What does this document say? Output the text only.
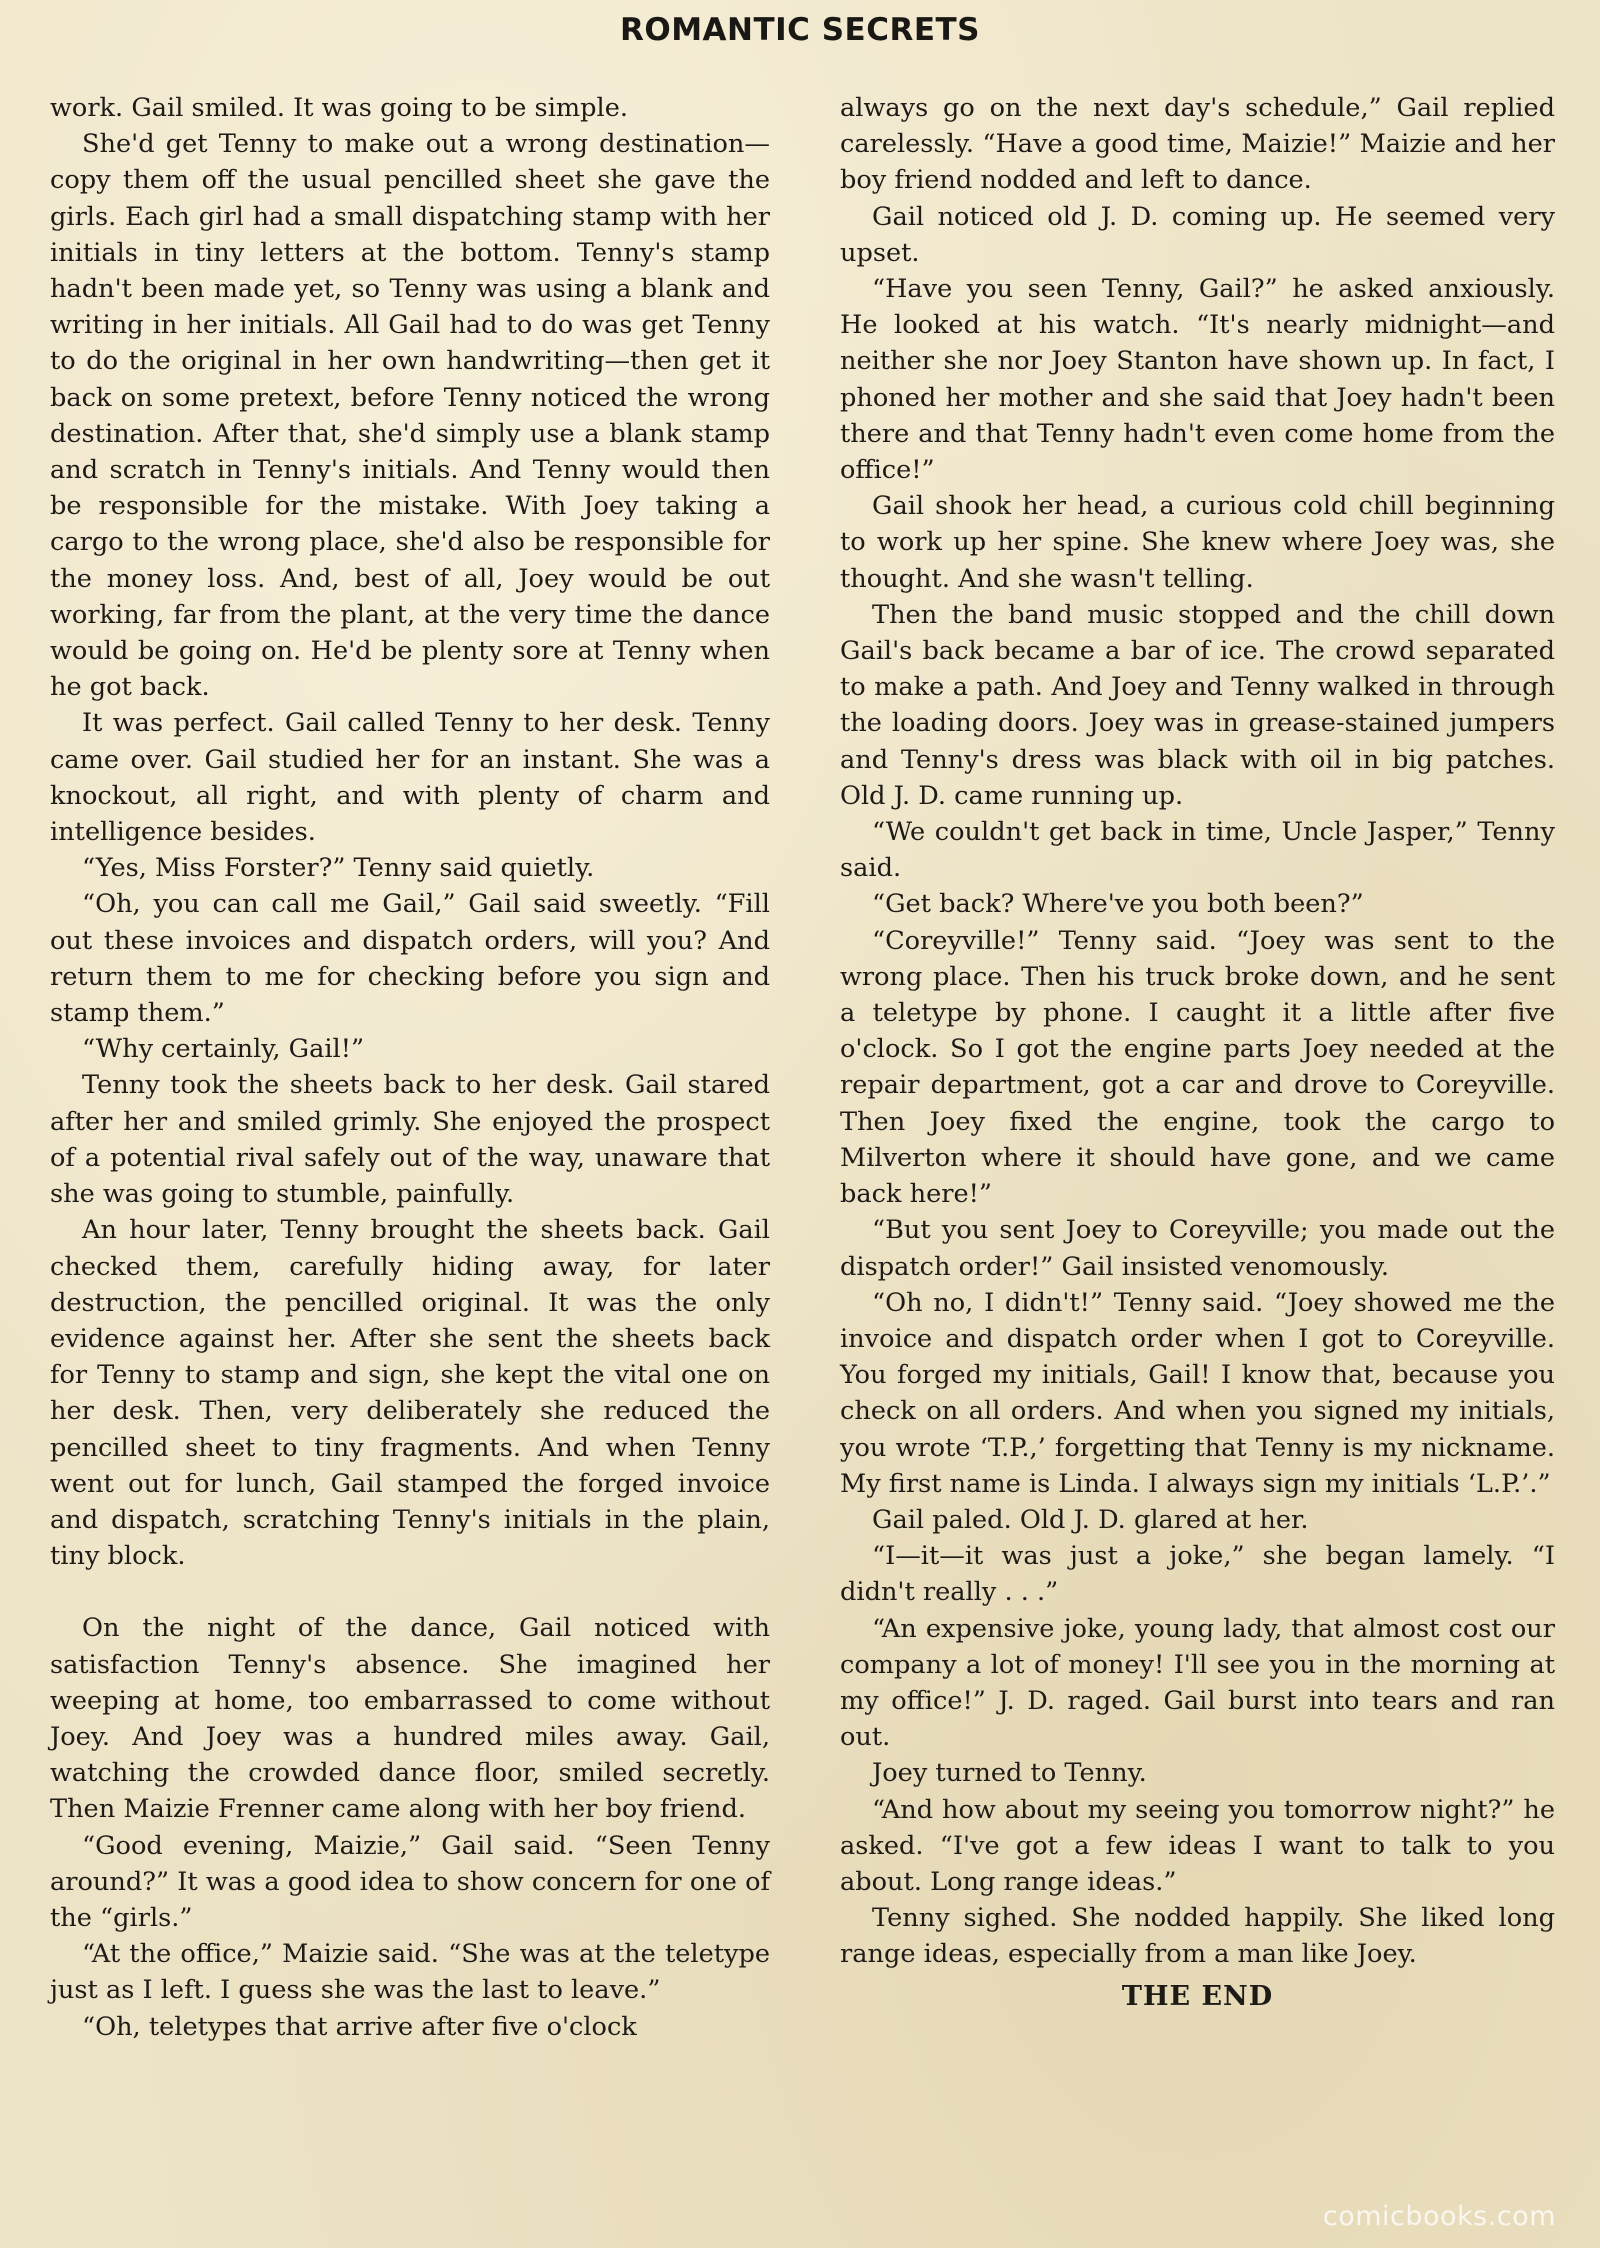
ROMANTIC SECRETS

work. Gail smiled. It was going to be simple.

She'd get Tenny to make out a wrong destination—copy them off the usual pencilled sheet she gave the girls. Each girl had a small dispatching stamp with her initials in tiny letters at the bottom. Tenny's stamp hadn't been made yet, so Tenny was using a blank and writing in her initials. All Gail had to do was get Tenny to do the original in her own handwriting—then get it back on some pretext, before Tenny noticed the wrong destination. After that, she'd simply use a blank stamp and scratch in Tenny's initials. And Tenny would then be responsible for the mistake. With Joey taking a cargo to the wrong place, she'd also be responsible for the money loss. And, best of all, Joey would be out working, far from the plant, at the very time the dance would be going on. He'd be plenty sore at Tenny when he got back.

It was perfect. Gail called Tenny to her desk. Tenny came over. Gail studied her for an instant. She was a knockout, all right, and with plenty of charm and intelligence besides.

“Yes, Miss Forster?” Tenny said quietly.

“Oh, you can call me Gail,” Gail said sweetly. “Fill out these invoices and dispatch orders, will you? And return them to me for checking before you sign and stamp them.”

“Why certainly, Gail!”

Tenny took the sheets back to her desk. Gail stared after her and smiled grimly. She enjoyed the prospect of a potential rival safely out of the way, unaware that she was going to stumble, painfully.

An hour later, Tenny brought the sheets back. Gail checked them, carefully hiding away, for later destruction, the pencilled original. It was the only evidence against her. After she sent the sheets back for Tenny to stamp and sign, she kept the vital one on her desk. Then, very deliberately she reduced the pencilled sheet to tiny fragments. And when Tenny went out for lunch, Gail stamped the forged invoice and dispatch, scratching Tenny's initials in the plain, tiny block.

On the night of the dance, Gail noticed with satisfaction Tenny's absence. She imagined her weeping at home, too embarrassed to come without Joey. And Joey was a hundred miles away. Gail, watching the crowded dance floor, smiled secretly. Then Maizie Frenner came along with her boy friend.

“Good evening, Maizie,” Gail said. “Seen Tenny around?” It was a good idea to show concern for one of the “girls.”

“At the office,” Maizie said. “She was at the teletype just as I left. I guess she was the last to leave.”

“Oh, teletypes that arrive after five o'clock

always go on the next day's schedule,” Gail replied carelessly. “Have a good time, Maizie!” Maizie and her boy friend nodded and left to dance.

Gail noticed old J. D. coming up. He seemed very upset.

“Have you seen Tenny, Gail?” he asked anxiously. He looked at his watch. “It's nearly midnight—and neither she nor Joey Stanton have shown up. In fact, I phoned her mother and she said that Joey hadn't been there and that Tenny hadn't even come home from the office!”

Gail shook her head, a curious cold chill beginning to work up her spine. She knew where Joey was, she thought. And she wasn't telling.

Then the band music stopped and the chill down Gail's back became a bar of ice. The crowd separated to make a path. And Joey and Tenny walked in through the loading doors. Joey was in grease-stained jumpers and Tenny's dress was black with oil in big patches. Old J. D. came running up.

“We couldn't get back in time, Uncle Jasper,” Tenny said.

“Get back? Where've you both been?”

“Coreyville!” Tenny said. “Joey was sent to the wrong place. Then his truck broke down, and he sent a teletype by phone. I caught it a little after five o'clock. So I got the engine parts Joey needed at the repair department, got a car and drove to Coreyville. Then Joey fixed the engine, took the cargo to Milverton where it should have gone, and we came back here!”

“But you sent Joey to Coreyville; you made out the dispatch order!” Gail insisted venomously.

“Oh no, I didn't!” Tenny said. “Joey showed me the invoice and dispatch order when I got to Coreyville. You forged my initials, Gail! I know that, because you check on all orders. And when you signed my initials, you wrote ‘T.P.,’ forgetting that Tenny is my nickname. My first name is Linda. I always sign my initials ‘L.P.’.”

Gail paled. Old J. D. glared at her.

“I—it—it was just a joke,” she began lamely. “I didn't really . . .”

“An expensive joke, young lady, that almost cost our company a lot of money! I'll see you in the morning at my office!” J. D. raged. Gail burst into tears and ran out.

Joey turned to Tenny.

“And how about my seeing you tomorrow night?” he asked. “I've got a few ideas I want to talk to you about. Long range ideas.”

Tenny sighed. She nodded happily. She liked long range ideas, especially from a man like Joey.

THE END
comicbooks.com
